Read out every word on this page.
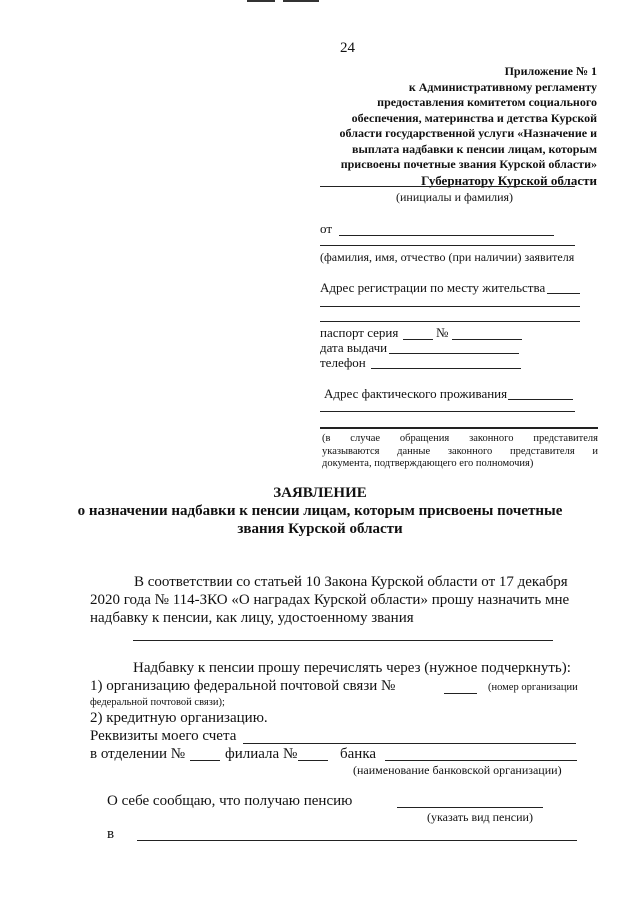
24
Приложение № 1
к Административному регламенту
предоставления комитетом социального
обеспечения, материнства и детства Курской
области государственной услуги «Назначение и
выплата надбавки к пенсии лицам, которым
присвоены почетные звания Курской области»
Губернатору Курской области
(инициалы и фамилия)
от
(фамилия, имя, отчество (при наличии) заявителя
Адрес регистрации по месту жительства
паспорт серия	№
дата выдачи
телефон
Адрес фактического проживания
(в случае обращения законного представителя
указываются данные законного представителя и
документа, подтверждающего его полномочия)
ЗАЯВЛЕНИЕ
о назначении надбавки к пенсии лицам, которым присвоены почетные
звания Курской области
В соответствии со статьей 10 Закона Курской области от 17 декабря
2020 года № 114-ЗКО «О наградах Курской области» прошу назначить мне
надбавку к пенсии, как лицу, удостоенному звания
Надбавку к пенсии прошу перечислять через (нужное подчеркнуть):
1) организацию федеральной почтовой связи №	(номер организации
федеральной почтовой связи);
2) кредитную организацию.
Реквизиты моего счета
в отделении №	филиала №	банка
(наименование банковской организации)
О себе сообщаю, что получаю пенсию
(указать вид пенсии)
в
